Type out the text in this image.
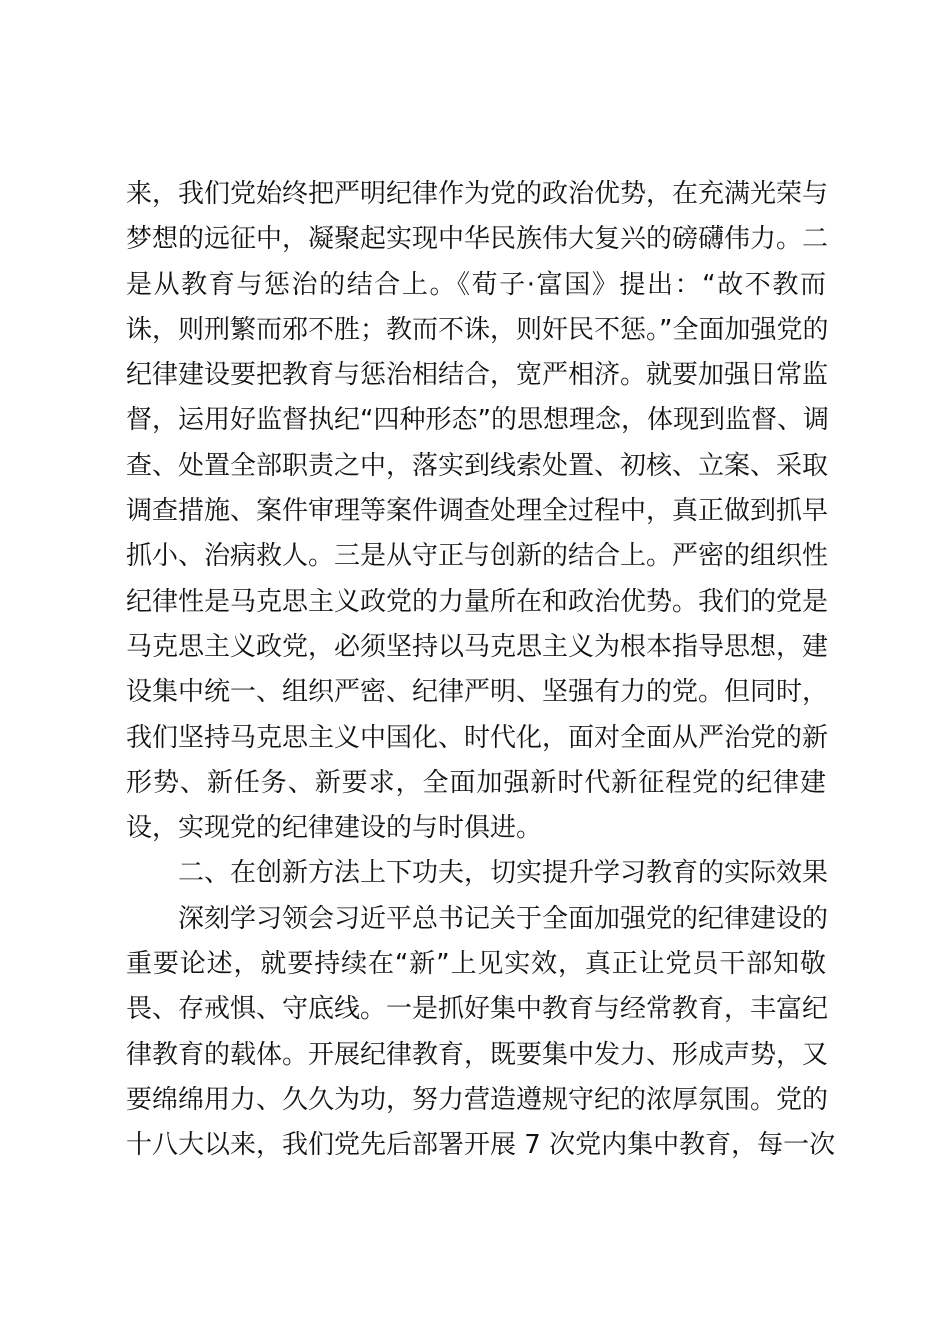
来，我们党始终把严明纪律作为党的政治优势，在充满光荣与
梦想的远征中，凝聚起实现中华民族伟大复兴的磅礴伟力。二
是从教育与惩治的结合上。《荀子·富国》提出：“故不教而
诛，则刑繁而邪不胜；教而不诛，则奸民不惩。”全面加强党的
纪律建设要把教育与惩治相结合，宽严相济。就要加强日常监
督，运用好监督执纪“四种形态”的思想理念，体现到监督、调
查、处置全部职责之中，落实到线索处置、初核、立案、采取
调查措施、案件审理等案件调查处理全过程中，真正做到抓早
抓小、治病救人。三是从守正与创新的结合上。严密的组织性
纪律性是马克思主义政党的力量所在和政治优势。我们的党是
马克思主义政党，必须坚持以马克思主义为根本指导思想，建
设集中统一、组织严密、纪律严明、坚强有力的党。但同时，
我们坚持马克思主义中国化、时代化，面对全面从严治党的新
形势、新任务、新要求，全面加强新时代新征程党的纪律建
设，实现党的纪律建设的与时俱进。
二、在创新方法上下功夫，切实提升学习教育的实际效果
深刻学习领会习近平总书记关于全面加强党的纪律建设的
重要论述，就要持续在“新”上见实效，真正让党员干部知敬
畏、存戒惧、守底线。一是抓好集中教育与经常教育，丰富纪
律教育的载体。开展纪律教育，既要集中发力、形成声势，又
要绵绵用力、久久为功，努力营造遵规守纪的浓厚氛围。党的
十八大以来，我们党先后部署开展 7 次党内集中教育，每一次
